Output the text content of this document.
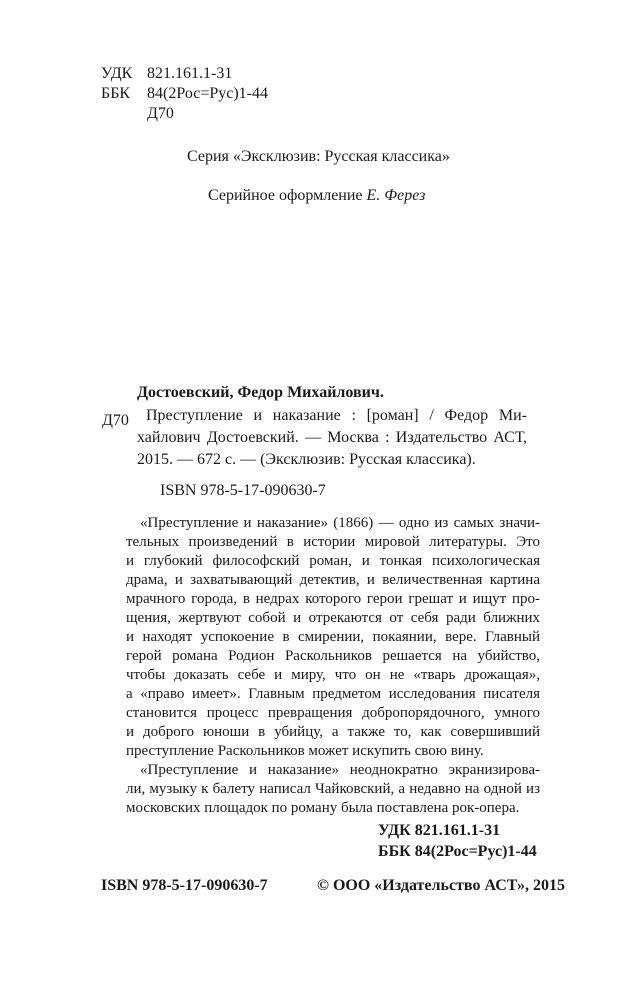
УДК 821.161.1-31
ББК 84(2Рос=Рус)1-44
Д70
Серия «Эксклюзив: Русская классика»
Серийное оформление Е. Ферез
Достоевский, Федор Михайлович.
Д70 Преступление и наказание : [роман] / Федор Ми-
хайлович Достоевский. — Москва : Издательство АСТ,
2015. — 672 с. — (Эксклюзив: Русская классика).
ISBN 978-5-17-090630-7
«Преступление и наказание» (1866) — одно из самых значи-
тельных произведений в истории мировой литературы. Это
и глубокий философский роман, и тонкая психологическая
драма, и захватывающий детектив, и величественная картина
мрачного города, в недрах которого герои грешат и ищут про-
щения, жертвуют собой и отрекаются от себя ради ближних
и находят успокоение в смирении, покаянии, вере. Главный
герой романа Родион Раскольников решается на убийство,
чтобы доказать себе и миру, что он не «тварь дрожащая»,
а «право имеет». Главным предметом исследования писателя
становится процесс превращения добропорядочного, умного
и доброго юноши в убийцу, а также то, как совершивший
преступление Раскольников может искупить свою вину.
«Преступление и наказание» неоднократно экранизирова-
ли, музыку к балету написал Чайковский, а недавно на одной из
московских площадок по роману была поставлена рок-опера.
УДК 821.161.1-31
ББК 84(2Рос=Рус)1-44
ISBN 978-5-17-090630-7	© ООО «Издательство АСТ», 2015
